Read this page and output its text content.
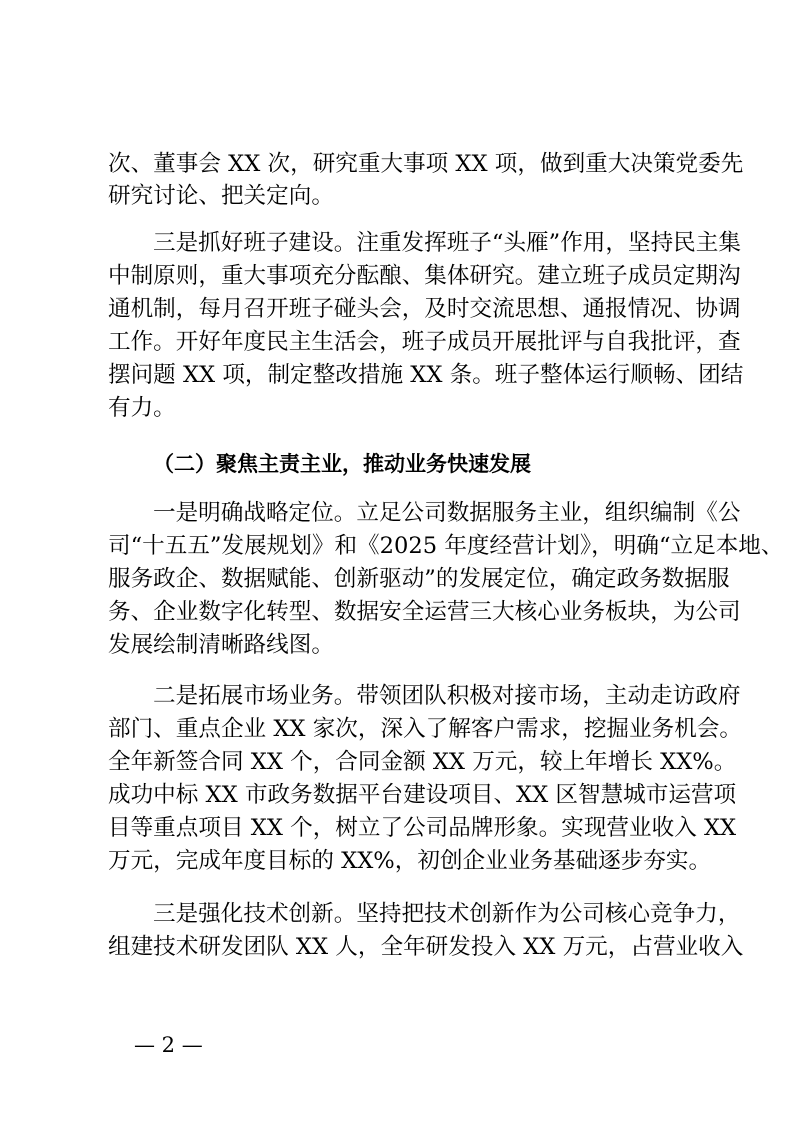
次、董事会 XX 次，研究重大事项 XX 项，做到重大决策党委先
研究讨论、把关定向。
三是抓好班子建设。注重发挥班子“头雁”作用，坚持民主集
中制原则，重大事项充分酝酿、集体研究。建立班子成员定期沟
通机制，每月召开班子碰头会，及时交流思想、通报情况、协调
工作。开好年度民主生活会，班子成员开展批评与自我批评，查
摆问题 XX 项，制定整改措施 XX 条。班子整体运行顺畅、团结
有力。
（二）聚焦主责主业，推动业务快速发展
一是明确战略定位。立足公司数据服务主业，组织编制《公
司“十五五”发展规划》和《2025 年度经营计划》，明确“立足本地、
服务政企、数据赋能、创新驱动”的发展定位，确定政务数据服
务、企业数字化转型、数据安全运营三大核心业务板块，为公司
发展绘制清晰路线图。
二是拓展市场业务。带领团队积极对接市场，主动走访政府
部门、重点企业 XX 家次，深入了解客户需求，挖掘业务机会。
全年新签合同 XX 个，合同金额 XX 万元，较上年增长 XX%。
成功中标 XX 市政务数据平台建设项目、XX 区智慧城市运营项
目等重点项目 XX 个，树立了公司品牌形象。实现营业收入 XX
万元，完成年度目标的 XX%，初创企业业务基础逐步夯实。
三是强化技术创新。坚持把技术创新作为公司核心竞争力，
组建技术研发团队 XX 人，全年研发投入 XX 万元，占营业收入
— 2 —
